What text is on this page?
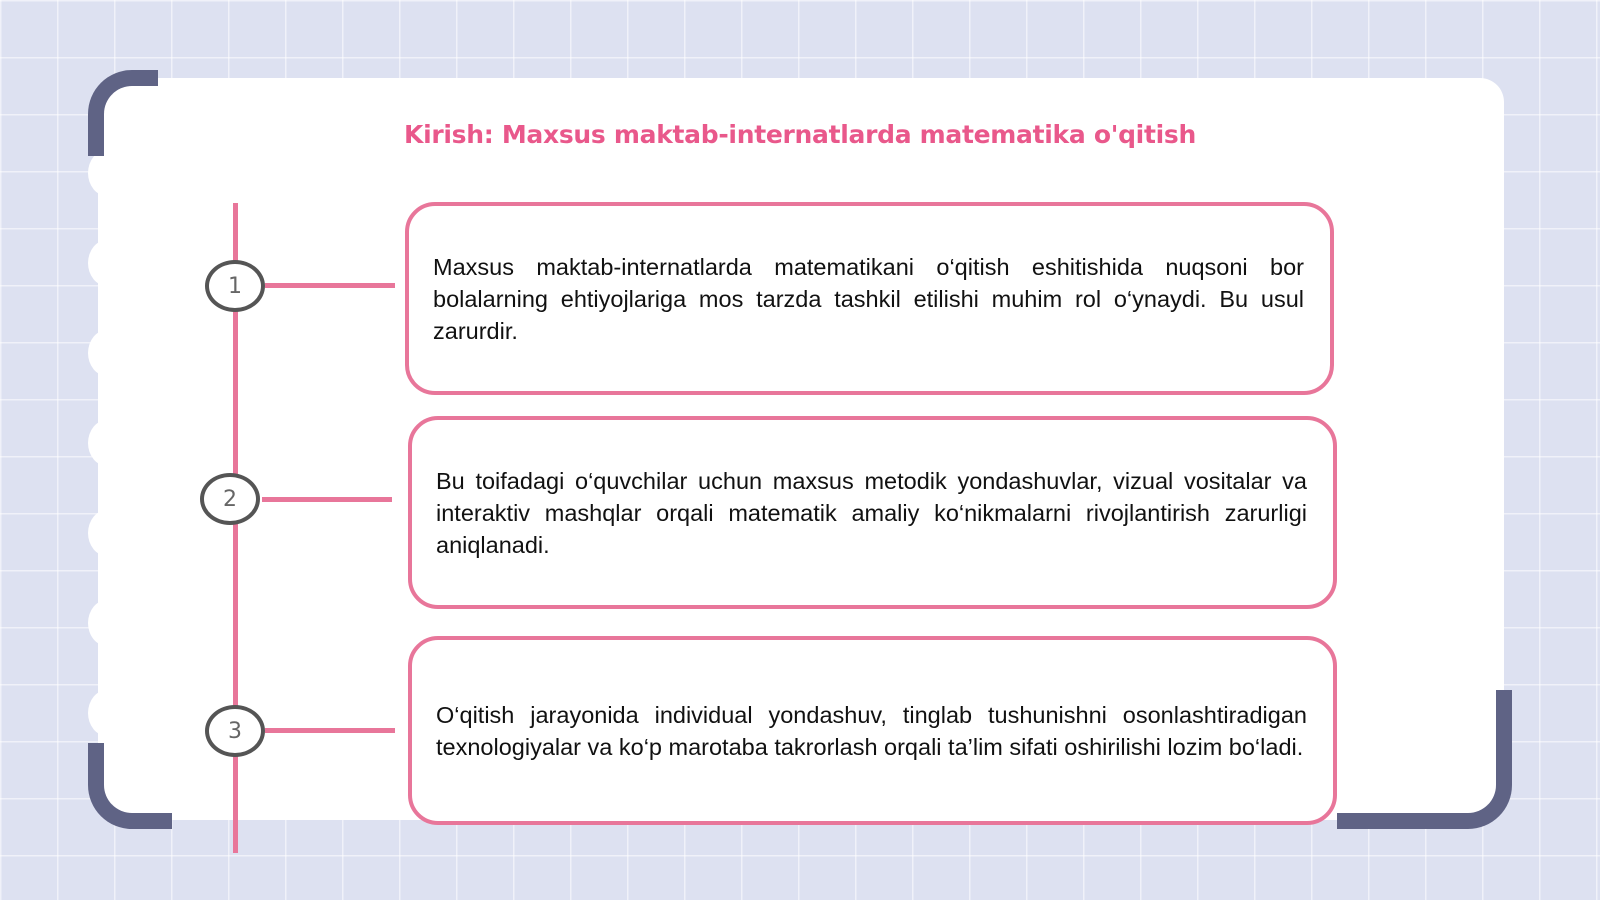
Kirish: Maxsus maktab-internatlarda matematika o'qitish
1
Maxsus maktab-internatlarda matematikani o‘qitish eshitishida nuqsoni bor bolalarning ehtiyojlariga mos tarzda tashkil etilishi muhim rol o‘ynaydi. Bu usul zarurdir.
2
Bu toifadagi o‘quvchilar uchun maxsus metodik yondashuvlar, vizual vositalar va interaktiv mashqlar orqali matematik amaliy ko‘nikmalarni rivojlantirish zarurligi aniqlanadi.
3
O‘qitish jarayonida individual yondashuv, tinglab tushunishni osonlashtiradigan texnologiyalar va ko‘p marotaba takrorlash orqali ta’lim sifati oshirilishi lozim bo‘ladi.
